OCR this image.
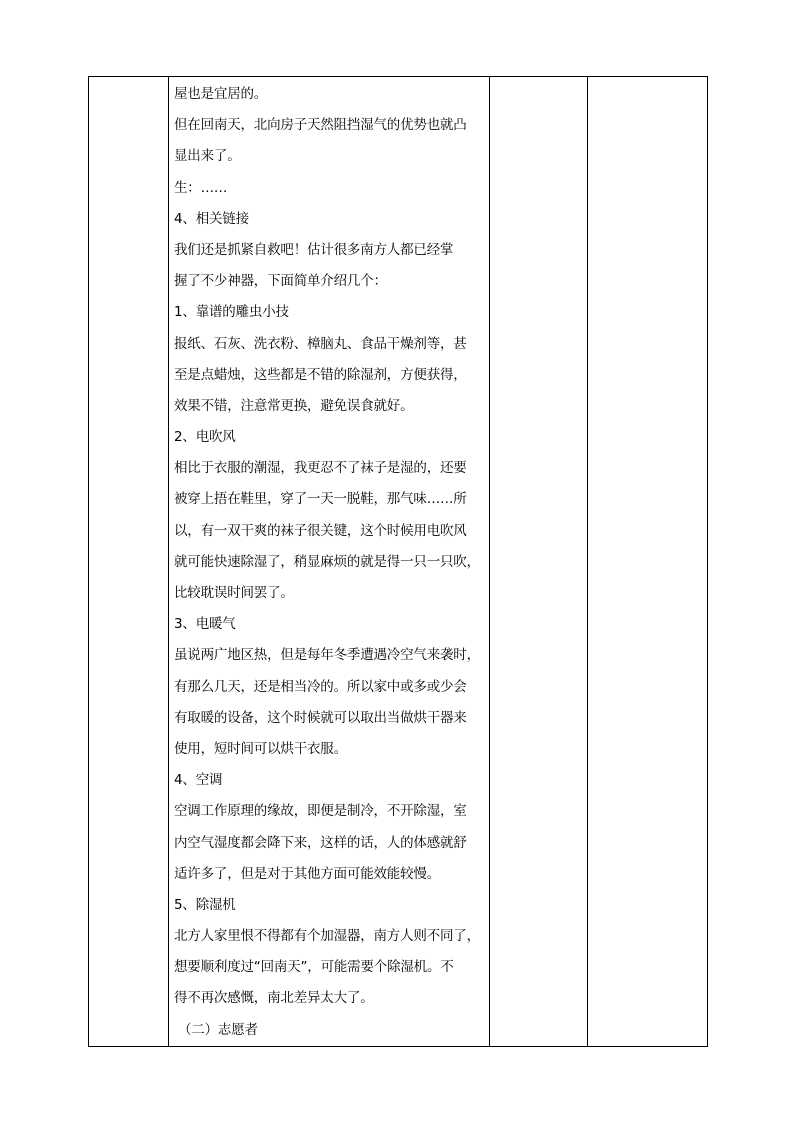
屋也是宜居的。
但在回南天，北向房子天然阻挡湿气的优势也就凸
显出来了。
生：……
4、相关链接
我们还是抓紧自救吧！估计很多南方人都已经掌
握了不少神器，下面简单介绍几个：
1、靠谱的雕虫小技
报纸、石灰、洗衣粉、樟脑丸、食品干燥剂等，甚
至是点蜡烛，这些都是不错的除湿剂，方便获得，
效果不错，注意常更换，避免误食就好。
2、电吹风
相比于衣服的潮湿，我更忍不了袜子是湿的，还要
被穿上捂在鞋里，穿了一天一脱鞋，那气味……所
以，有一双干爽的袜子很关键，这个时候用电吹风
就可能快速除湿了，稍显麻烦的就是得一只一只吹，
比较耽误时间罢了。
3、电暖气
虽说两广地区热，但是每年冬季遭遇冷空气来袭时，
有那么几天，还是相当冷的。所以家中或多或少会
有取暖的设备，这个时候就可以取出当做烘干器来
使用，短时间可以烘干衣服。
4、空调
空调工作原理的缘故，即便是制冷，不开除湿，室
内空气湿度都会降下来，这样的话，人的体感就舒
适许多了，但是对于其他方面可能效能较慢。
5、除湿机
北方人家里恨不得都有个加湿器，南方人则不同了，
想要顺利度过“回南天”，可能需要个除湿机。不
得不再次感慨，南北差异太大了。
（二）志愿者
